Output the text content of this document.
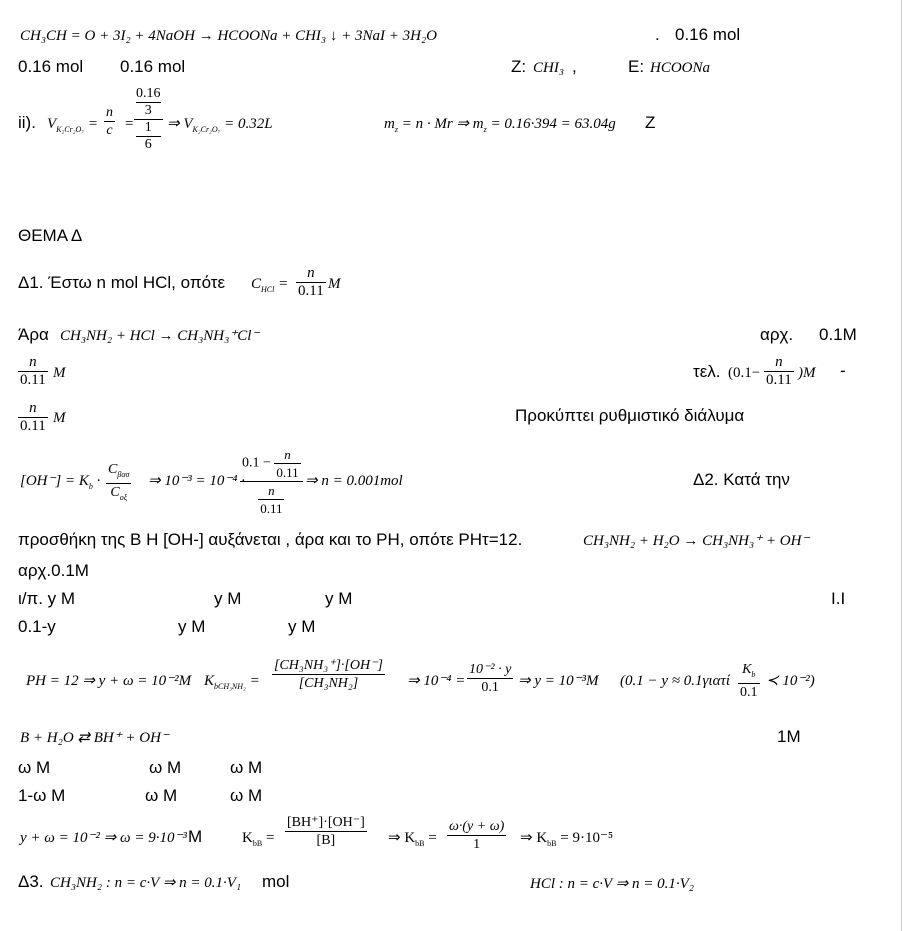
CH₃CH = O + 3I₂ + 4NaOH → HCOONa + CHI₃ ↓ + 3NaI + 3H₂O	. 0.16 mol
0.16 mol 0.16 mol	Z: CHI₃ ,	E: HCOONa
ii). $V_{K_2Cr_2O_7} = \frac{n}{c} = 0.16$
3
1
6 ⇒ $V_{K_2Cr_2O_7} = 0.32L$	$m_z = n \cdot Mr$ ⇒ $m_z = 0.16\cdot 394 = 63.04g$ Z
ΘΕΜΑ Δ
Δ1. Έστω n mol HCl, οπότε $C_{HCl} = \frac{n}{0.11}$ M
Άρα CH₃NH₂ + HCl → CH₃NH₃⁺Cl⁻	αρχ. 0.1M
$\frac{n}{0.11}$ M	τελ. $(0.1- \frac{n}{0.11} )M$ -
$\frac{n}{0.11}$ M	Προκύπτει ρυθμιστικό διάλυμα
$[OH^-] = K_b$ ·
$C_{\beta\alpha\sigma}$
$C_{o\xi}$
⇒ 10⁻³ = 10⁻⁴ ·
$\frac{0.1 - \frac{n}{0.11}}{\frac{n}{0.11}}$ ⇒ n = 0.001mol	Δ2. Κατά την
προσθήκη της Β Η [ΟΗ-] αυξάνεται , άρα και το PH, οπότε PHτ=12.	CH₃NH₂ + H₂O → CH₃NH₃⁺ + OH⁻
αρχ.0.1M
ι/π. y M	y M	y M	I.I
0.1-y	y M	y M
PH = 12 ⇒ y + ω = 10⁻²M $K_{bCH_3NH_2} = \frac{\text{[CH₃NH₃⁺]·[OH⁻]}}{\text{[CH₃NH₂]}}$ ⇒ $10^{-4} = \frac{\text{10⁻² · y}}{0.1}$ ⇒ y = 10⁻³M ($0.1 - y \approx 0.1\gamma\iota\alpha\tau ί \frac{K_b}{0.1}$ ≺ 10⁻²)
B + H₂O ⇄ BH⁺ + OH⁻	1M
ω M	ω M	ω M
1-ω M	ω M	ω M
y + ω = 10⁻² ⇒ ω = 9·10⁻³ M	$K_{bB} = \frac{[BH^+]\cdot[OH^-]}{[B]}$ ⇒ $K_{bB} = \frac{\omega\cdot(y + \omega)}{1}$ ⇒ $K_{bB} = 9\cdot 10^{-5}$
Δ3. CH₃NH₂ : n = c·V ⇒ n = 0.1·V₁ mol	HCl : n = c·V ⇒ n = 0.1·V₂
